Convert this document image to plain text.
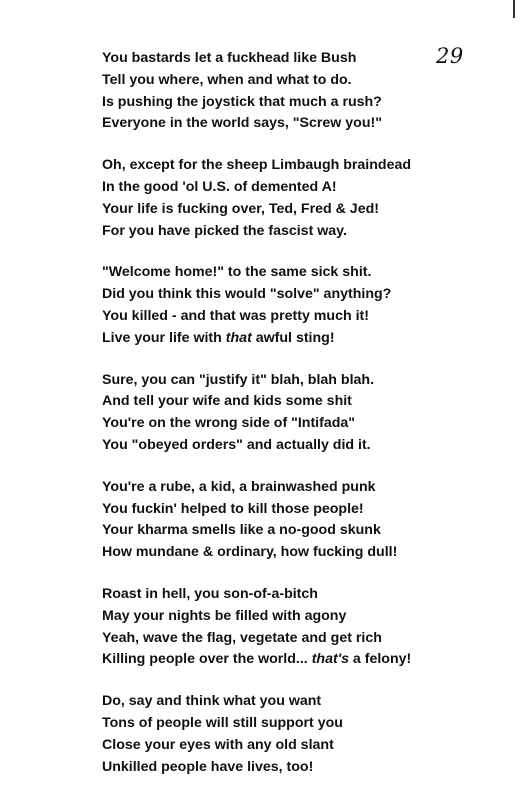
29
You bastards let a fuckhead like Bush
Tell you where, when and what to do.
Is pushing the joystick that much a rush?
Everyone in the world says, "Screw you!"
Oh, except for the sheep Limbaugh braindead
In the good 'ol U.S. of demented A!
Your life is fucking over, Ted, Fred & Jed!
For you have picked the fascist way.
"Welcome home!" to the same sick shit.
Did you think this would "solve" anything?
You killed - and that was pretty much it!
Live your life with that awful sting!
Sure, you can "justify it" blah, blah blah.
And tell your wife and kids some shit
You're on the wrong side of "Intifada"
You "obeyed orders" and actually did it.
You're a rube, a kid, a brainwashed punk
You fuckin' helped to kill those people!
Your kharma smells like a no-good skunk
How mundane & ordinary, how fucking dull!
Roast in hell, you son-of-a-bitch
May your nights be filled with agony
Yeah, wave the flag, vegetate and get rich
Killing people over the world... that's a felony!
Do, say and think what you want
Tons of people will still support you
Close your eyes with any old slant
Unkilled people have lives, too!
